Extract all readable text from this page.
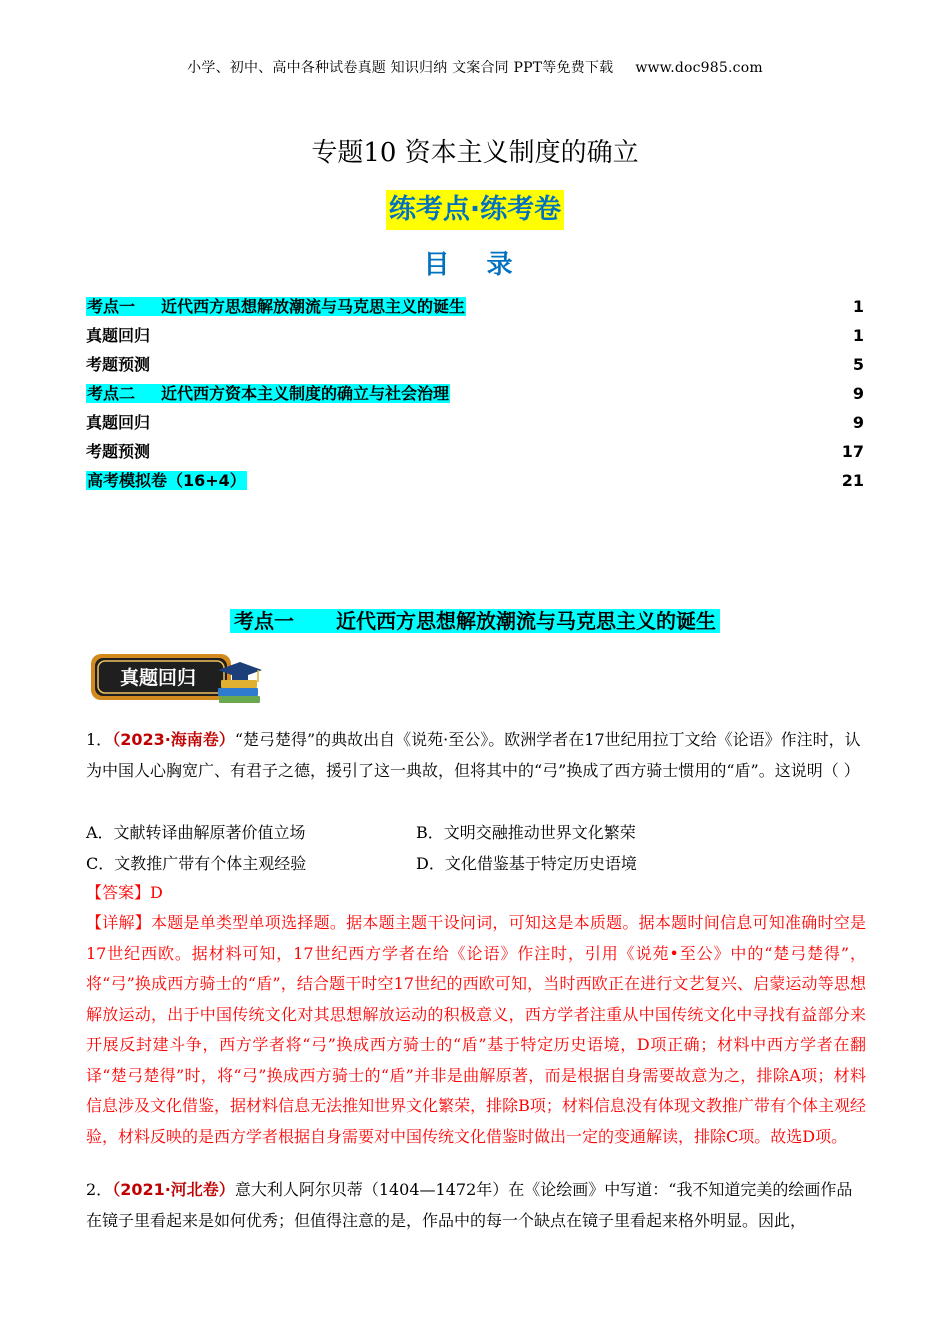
小学、初中、高中各种试卷真题 知识归纳 文案合同 PPT等免费下载 www.doc985.com
专题10 资本主义制度的确立
练考点·练考卷
目 录
考点一 近代西方思想解放潮流与马克思主义的诞生	1
真题回归	1
考题预测	5
考点二 近代西方资本主义制度的确立与社会治理	9
真题回归	9
考题预测	17
高考模拟卷（16+4）	21
考点一 近代西方思想解放潮流与马克思主义的诞生
真题回归
1．（2023·海南卷）“楚弓楚得”的典故出自《说苑·至公》。欧洲学者在17世纪用拉丁文给《论语》作注时，认为中国人心胸宽广、有君子之德，援引了这一典故，但将其中的“弓”换成了西方骑士惯用的“盾”。这说明（ ）
A．文献转译曲解原著价值立场	B．文明交融推动世界文化繁荣
C．文教推广带有个体主观经验	D．文化借鉴基于特定历史语境
【答案】D
【详解】本题是单类型单项选择题。据本题主题干设问词，可知这是本质题。据本题时间信息可知准确时空是17世纪西欧。据材料可知，17世纪西方学者在给《论语》作注时，引用《说苑•至公》中的“楚弓楚得”，将“弓”换成西方骑士的“盾”，结合题干时空17世纪的西欧可知，当时西欧正在进行文艺复兴、启蒙运动等思想解放运动，出于中国传统文化对其思想解放运动的积极意义，西方学者注重从中国传统文化中寻找有益部分来开展反封建斗争，西方学者将“弓”换成西方骑士的“盾”基于特定历史语境，D项正确；材料中西方学者在翻译“楚弓楚得”时，将“弓”换成西方骑士的“盾”并非是曲解原著，而是根据自身需要故意为之，排除A项；材料信息涉及文化借鉴，据材料信息无法推知世界文化繁荣，排除B项；材料信息没有体现文教推广带有个体主观经验，材料反映的是西方学者根据自身需要对中国传统文化借鉴时做出一定的变通解读，排除C项。故选D项。
2．（2021·河北卷）意大利人阿尔贝蒂（1404—1472年）在《论绘画》中写道：“我不知道完美的绘画作品在镜子里看起来是如何优秀；但值得注意的是，作品中的每一个缺点在镜子里看起来格外明显。因此，
